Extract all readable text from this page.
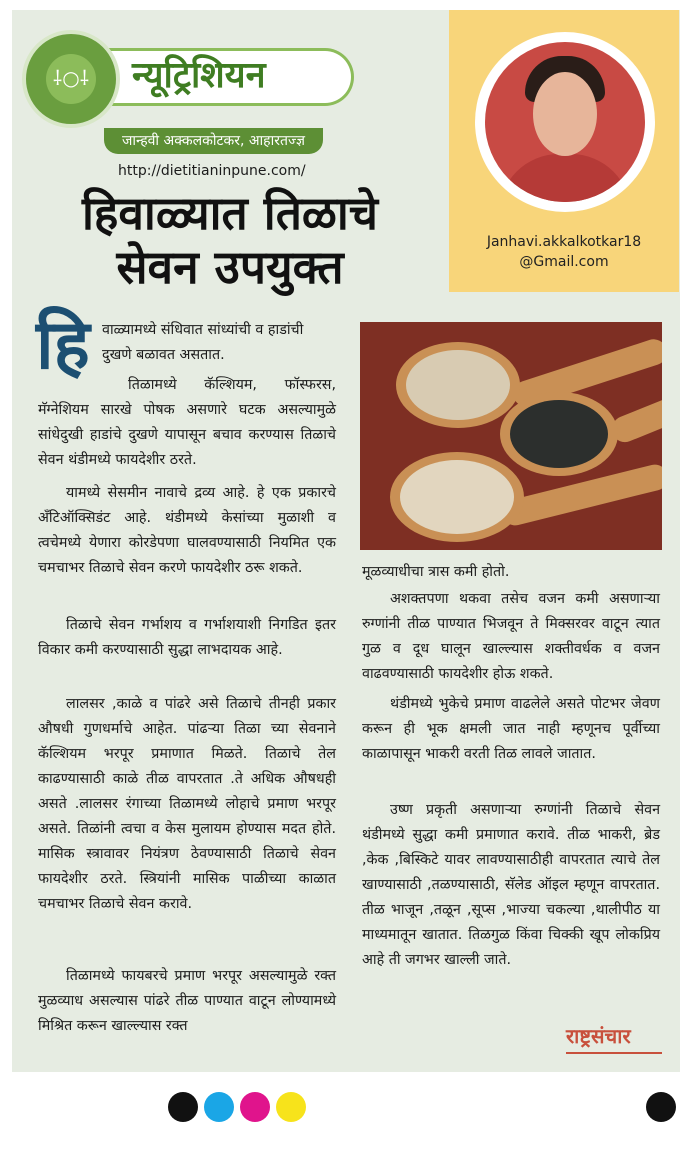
⸸○⸸ न्यूट्रिशियन
जान्हवी अक्कलकोटकर, आहारतज्ज्ञ
http://dietitianinpune.com/
हिवाळ्यात तिळाचे
सेवन उपयुक्त	Janhavi.akkalkotkar18
@Gmail.com
हि वाळ्यामध्ये संधिवात सांध्यांची व हाडांची
दुखणे बळावत असतात.
तिळामध्ये कॅल्शियम, फॉस्फरस, मॅग्नेशियम सारखे पोषक असणारे घटक असल्यामुळे सांधेदुखी हाडांचे दुखणे यापासून बचाव करण्यास तिळाचे सेवन थंडीमध्ये फायदेशीर ठरते.
यामध्ये सेसमीन नावाचे द्रव्य आहे. हे एक प्रकारचे अँटिऑक्सिडंट आहे. थंडीमध्ये केसांच्या मुळाशी व त्वचेमध्ये येणारा कोरडेपणा घालवण्यासाठी नियमित एक चमचाभर तिळाचे सेवन करणे फायदेशीर ठरू शकते.
तिळाचे सेवन गर्भाशय व गर्भाशयाशी निगडित इतर विकार कमी करण्यासाठी सुद्धा लाभदायक आहे.
लालसर ,काळे व पांढरे असे तिळाचे तीनही प्रकार औषधी गुणधर्माचे आहेत. पांढऱ्या तिळा च्या सेवनाने कॅल्शियम भरपूर प्रमाणात मिळते. तिळाचे तेल काढण्यासाठी काळे तीळ वापरतात .ते अधिक औषधही असते .लालसर रंगाच्या तिळामध्ये लोहाचे प्रमाण भरपूर असते. तिळांनी त्वचा व केस मुलायम होण्यास मदत होते. मासिक स्त्रावावर नियंत्रण ठेवण्यासाठी तिळाचे सेवन फायदेशीर ठरते. स्त्रियांनी मासिक पाळीच्या काळात चमचाभर तिळाचे सेवन करावे.
तिळामध्ये फायबरचे प्रमाण भरपूर असल्यामुळे रक्त मुळव्याध असल्यास पांढरे तीळ पाण्यात वाटून लोण्यामध्ये मिश्रित करून खाल्ल्यास रक्त
मूळव्याधीचा त्रास कमी होतो.
अशक्तपणा थकवा तसेच वजन कमी असणाऱ्या रुग्णांनी तीळ पाण्यात भिजवून ते मिक्सरवर वाटून त्यात गुळ व दूध घालून खाल्ल्यास शक्तीवर्धक व वजन वाढवण्यासाठी फायदेशीर होऊ शकते.
थंडीमध्ये भुकेचे प्रमाण वाढलेले असते पोटभर जेवण करून ही भूक क्षमली जात नाही म्हणूनच पूर्वीच्या काळापासून भाकरी वरती तिळ लावले जातात.
उष्ण प्रकृती असणाऱ्या रुग्णांनी तिळाचे सेवन थंडीमध्ये सुद्धा कमी प्रमाणात करावे. तीळ भाकरी, ब्रेड ,केक ,बिस्किटे यावर लावण्यासाठीही वापरतात त्याचे तेल खाण्यासाठी ,तळण्यासाठी, सॅलेड ऑइल म्हणून वापरतात. तीळ भाजून ,तळून ,सूप्स ,भाज्या चकल्या ,थालीपीठ या माध्यमातून खातात. तिळगुळ किंवा चिक्की खूप लोकप्रिय आहे ती जगभर खाल्ली जाते.
राष्ट्रसंचार
